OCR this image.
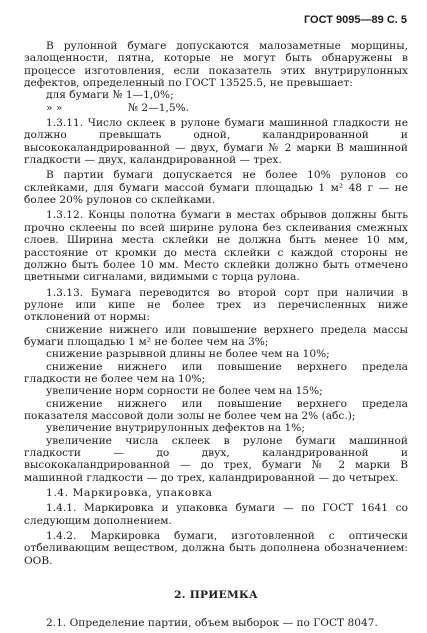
ГОСТ 9095—89 С. 5

В рулонной бумаге допускаются малозаметные морщины, залощенности, пятна, которые не могут быть обнаружены в процессе изготовления, если показатель этих внутрирулонных дефектов, определенный по ГОСТ 13525.5, не превышает:

для бумаги № 1—1,0%;

» »	№ 2—1,5%.

1.3.11. Число склеек в рулоне бумаги машинной гладкости не должно превышать одной, каландрированной и высококаландрированной — двух, бумаги № 2 марки В машинной гладкости — двух, каландрированной — трех.

В партии бумаги допускается не более 10% рулонов со склейками, для бумаги массой бумаги площадью 1 м² 48 г — не более 20% рулонов со склейками.

1.3.12. Концы полотна бумаги в местах обрывов должны быть прочно склеены по всей ширине рулона без склеивания смежных слоев. Ширина места склейки не должна быть менее 10 мм, расстояние от кромки до места склейки с каждой стороны не должно быть более 10 мм. Место склейки должно быть отмечено цветными сигналами, видимыми с торца рулона.

1.3.13. Бумага переводится во второй сорт при наличии в рулоне или кипе не более трех из перечисленных ниже отклонений от нормы:

снижение нижнего или повышение верхнего предела массы бумаги площадью 1 м² не более чем на 3%;

снижение разрывной длины не более чем на 10%;

снижение нижнего или повышение верхнего предела гладкости не более чем на 10%;

увеличение норм сорности не более чем на 15%;

снижение нижнего или повышение верхнего предела показателя массовой доли золы не более чем на 2% (абс.);

увеличение внутрирулонных дефектов на 1%;

увеличение числа склеек в рулоне бумаги машинной гладкости — до двух, каландрированной и высококаландрированной — до трех, бумаги № 2 марки В машинной гладкости — до трех, каландрированной — до четырех.

1.4. Маркировка, упаковка

1.4.1. Маркировка и упаковка бумаги — по ГОСТ 1641 со следующим дополнением.

1.4.2. Маркировка бумаги, изготовленной с оптически отбеливающим веществом, должна быть дополнена обозначением: ООВ.

2. ПРИЕМКА

2.1. Определение партии, объем выборок — по ГОСТ 8047.
